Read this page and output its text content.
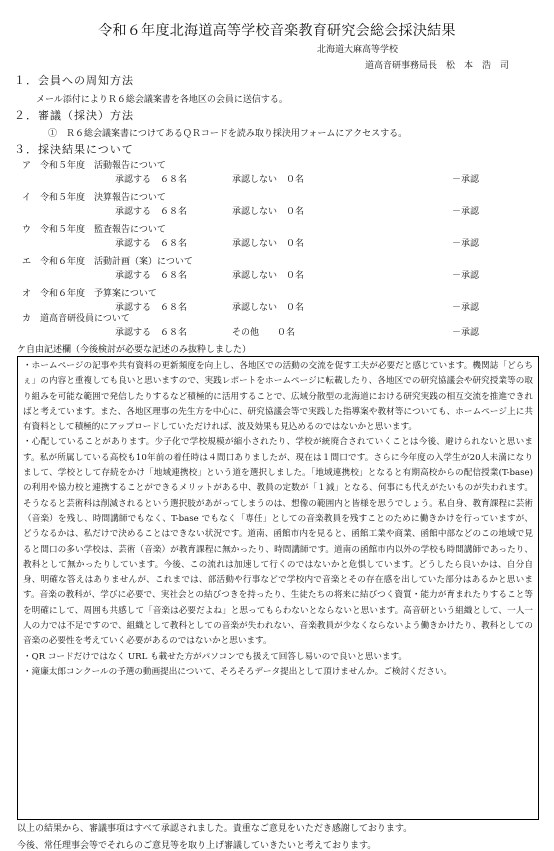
令和６年度北海道高等学校音楽教育研究会総会採決結果
北海道大麻高等学校
道高音研事務局長　松　本　浩　司
１．会員への周知方法
メール添付によりＲ６総会議案書を各地区の会員に送信する。
２．審議（採決）方法
①　Ｒ６総会議案書につけてあるＱＲコードを読み取り採決用フォームにアクセスする。
３．採決結果について
ア　令和５年度　活動報告について
承認する　６８名	承認しない　０名	－承認
イ　令和５年度　決算報告について
承認する　６８名	承認しない　０名	－承認
ウ　令和５年度　監査報告について
承認する　６８名	承認しない　０名	－承認
エ　令和６年度　活動計画（案）について
承認する　６８名	承認しない　０名	－承認
オ　令和６年度　予算案について
承認する　６８名	承認しない　０名	－承認
カ　道高音研役員について
承認する　６８名	その他　　０名	－承認
ケ自由記述欄（今後検討が必要な記述のみ抜粋しました）

・ホームページの記事や共有資料の更新頻度を向上し、各地区での活動の交流を促す工夫が必要だと感じています。機関誌「どらちぇ」の内容と重複しても良いと思いますので、実践レポートをホームページに転載したり、各地区での研究協議会や研究授業等の取り組みを可能な範囲で発信したりするなど積極的に活用することで、広域分散型の北海道における研究実践の相互交流を推進できればと考えています。また、各地区理事の先生方を中心に、研究協議会等で実践した指導案や教材等についても、ホームページ上に共有資料として積極的にアップロードしていただければ、波及効果も見込めるのではないかと思います。

・心配していることがあります。少子化で学校規模が縮小されたり、学校が統廃合されていくことは今後、避けられないと思います。私が所属している高校も10年前の着任時は４間口ありましたが、現在は１間口です。さらに今年度の入学生が20人未満になりまして、学校として存続をかけ「地域連携校」という道を選択しました。「地域連携校」となると有期高校からの配信授業(T-base)の利用や協力校と連携することができるメリットがある中、教員の定数が「１減」となる、何事にも代えがたいものが失われます。そうなると芸術科は削減されるという選択肢があがってしまうのは、想像の範囲内と皆様を思うでしょう。私自身、教育課程に芸術（音楽）を残し、時間講師でもなく、T-base でもなく「専任」としての音楽教員を残すことのために働きかけを行っていますが、どうなるかは、私だけで決めることはできない状況です。道南、函館市内を見ると、函館工業や商業、函館中部などのこの地域で見ると間口の多い学校は、芸術（音楽）が教育課程に無かったり、時間講師です。道南の函館市内以外の学校も時間講師であったり、教科として無かったりしています。今後、この流れは加速して行くのではないかと危惧しています。どうしたら良いかは、自分自身、明確な答えはありませんが、これまでは、部活動や行事などで学校内で音楽とその存在感を出していた部分はあるかと思います。音楽の教科が、学びに必要で、実社会との結びつきを持ったり、生徒たちの将来に結びつく資質・能力が育まれたりすること等を明確にして、周囲も共感して「音楽は必要だよね」と思ってもらわないとならないと思います。高音研という組織として、一人一人の力では不足ですので、組織として教科としての音楽が失われない、音楽教員が少なくならないよう働きかけたり、教科としての音楽の必要性を考えていく必要があるのではないかと思います。

・QR コードだけではなく URL も載せた方がパソコンでも扱えて回答し易いので良いと思います。

・滝廉太郎コンクールの予選の動画提出について、そろそろデータ提出として頂けませんか。ご検討ください。

以上の結果から、審議事項はすべて承認されました。貴重なご意見をいただき感謝しております。
今後、常任理事会等でそれらのご意見等を取り上げ審議していきたいと考えております。
